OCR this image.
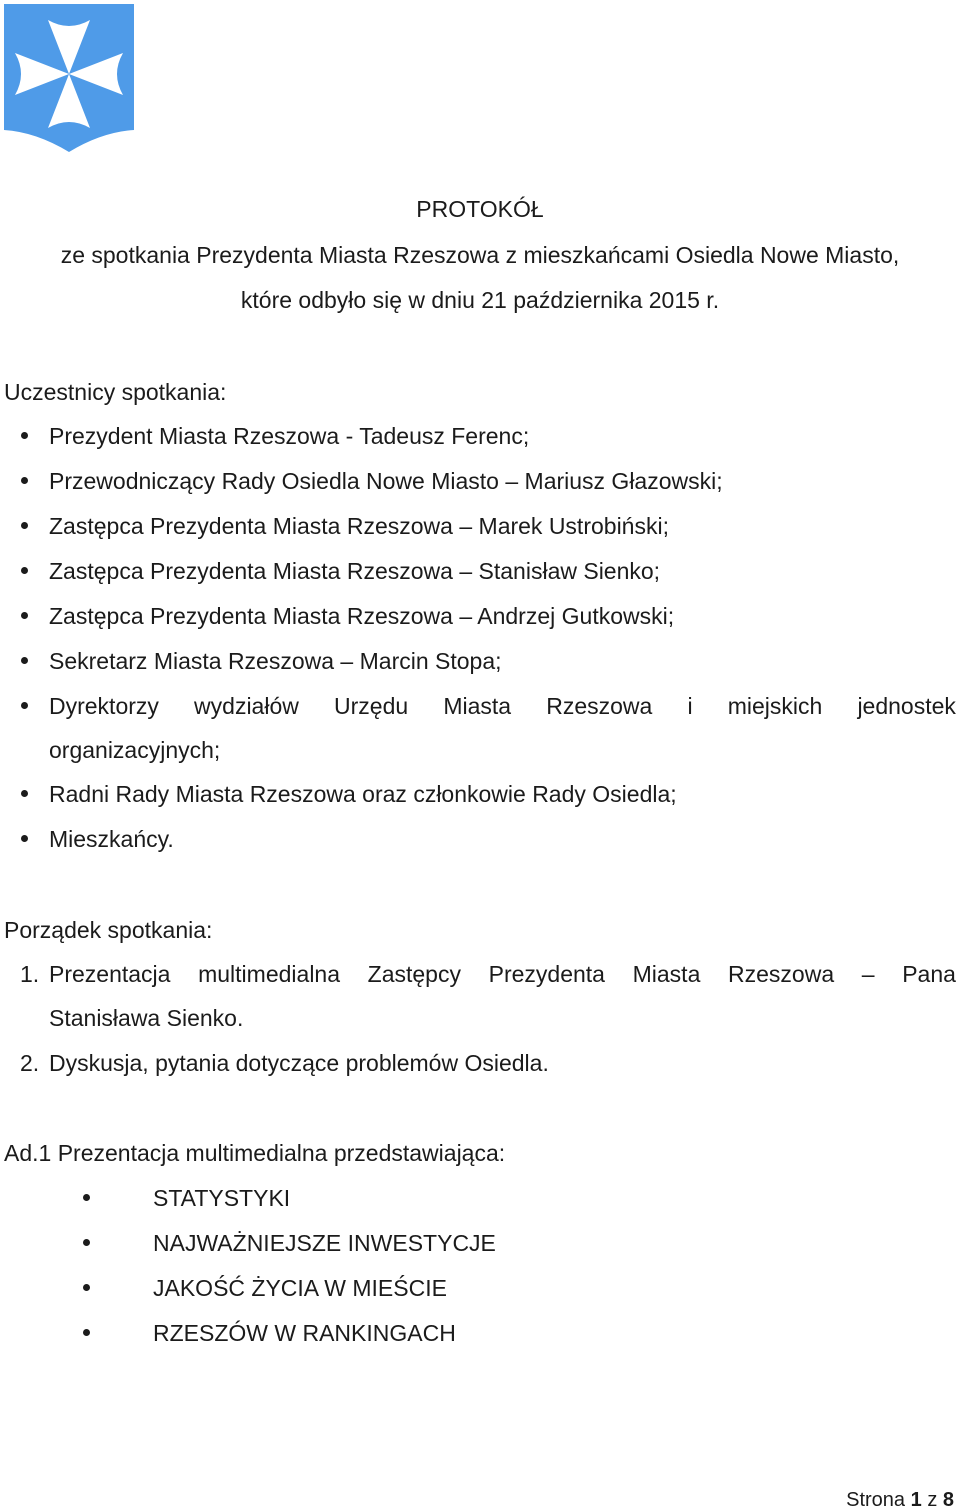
PROTOKÓŁ
ze spotkania Prezydenta Miasta Rzeszowa z mieszkańcami Osiedla Nowe Miasto,
które odbyło się w dniu 21 października 2015 r.
Uczestnicy spotkania:
Prezydent Miasta Rzeszowa - Tadeusz Ferenc;
Przewodniczący Rady Osiedla Nowe Miasto – Mariusz Głazowski;
Zastępca Prezydenta Miasta Rzeszowa – Marek Ustrobiński;
Zastępca Prezydenta Miasta Rzeszowa – Stanisław Sienko;
Zastępca Prezydenta Miasta Rzeszowa – Andrzej Gutkowski;
Sekretarz Miasta Rzeszowa – Marcin Stopa;
Dyrektorzy wydziałów Urzędu Miasta Rzeszowa i miejskich jednostek
organizacyjnych;
Radni Rady Miasta Rzeszowa oraz członkowie Rady Osiedla;
Mieszkańcy.
Porządek spotkania:
1. Prezentacja multimedialna Zastępcy Prezydenta Miasta Rzeszowa – Pana
Stanisława Sienko.
2. Dyskusja, pytania dotyczące problemów Osiedla.
Ad.1 Prezentacja multimedialna przedstawiająca:
STATYSTYKI
NAJWAŻNIEJSZE INWESTYCJE
JAKOŚĆ ŻYCIA W MIEŚCIE
RZESZÓW W RANKINGACH
Strona 1 z 8
